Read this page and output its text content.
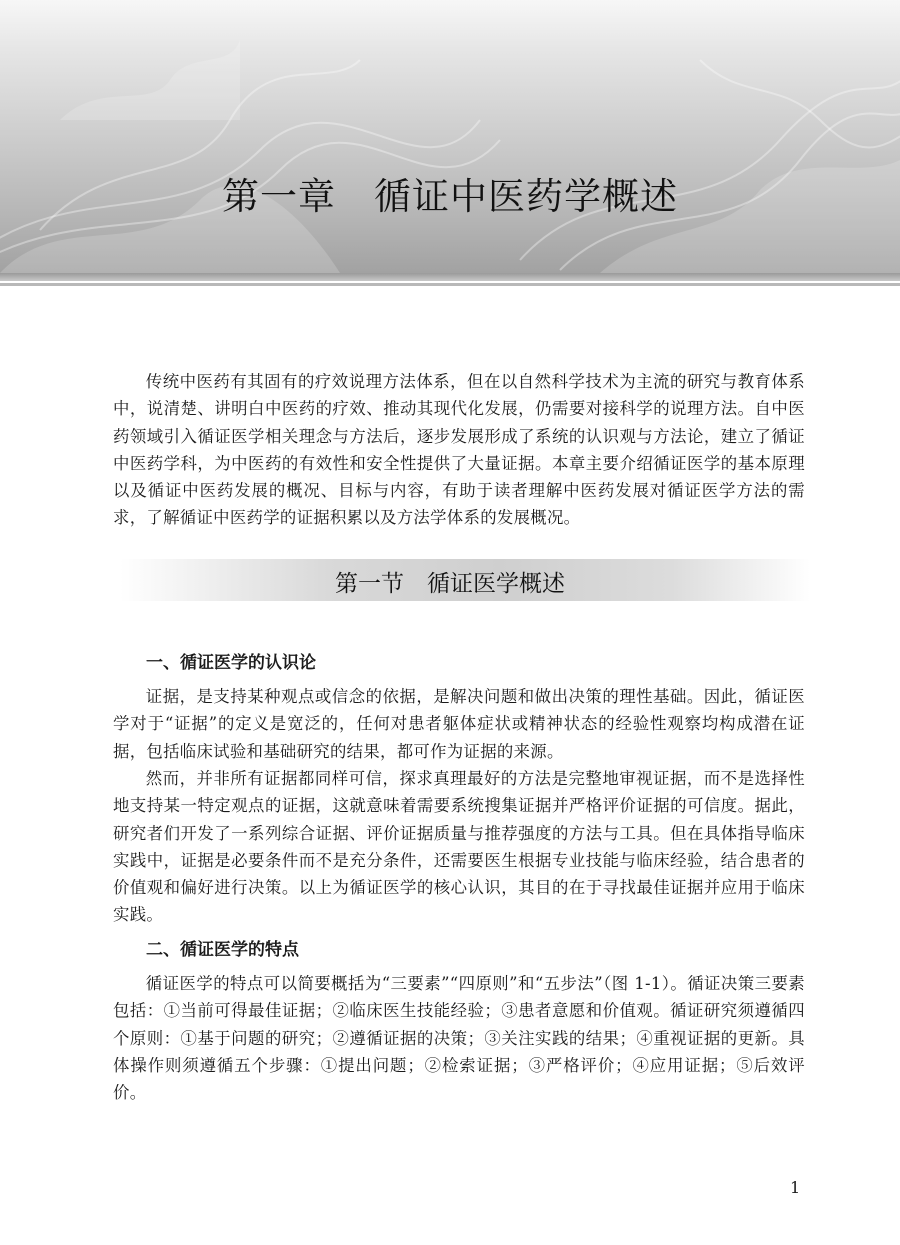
第一章　循证中医药学概述

传统中医药有其固有的疗效说理方法体系，但在以自然科学技术为主流的研究与教育体系中，说清楚、讲明白中医药的疗效、推动其现代化发展，仍需要对接科学的说理方法。自中医药领域引入循证医学相关理念与方法后，逐步发展形成了系统的认识观与方法论，建立了循证中医药学科，为中医药的有效性和安全性提供了大量证据。本章主要介绍循证医学的基本原理以及循证中医药发展的概况、目标与内容，有助于读者理解中医药发展对循证医学方法的需求，了解循证中医药学的证据积累以及方法学体系的发展概况。

第一节　循证医学概述
一、循证医学的认识论

证据，是支持某种观点或信念的依据，是解决问题和做出决策的理性基础。因此，循证医学对于“证据”的定义是宽泛的，任何对患者躯体症状或精神状态的经验性观察均构成潜在证据，包括临床试验和基础研究的结果，都可作为证据的来源。

然而，并非所有证据都同样可信，探求真理最好的方法是完整地审视证据，而不是选择性地支持某一特定观点的证据，这就意味着需要系统搜集证据并严格评价证据的可信度。据此，研究者们开发了一系列综合证据、评价证据质量与推荐强度的方法与工具。但在具体指导临床实践中，证据是必要条件而不是充分条件，还需要医生根据专业技能与临床经验，结合患者的价值观和偏好进行决策。以上为循证医学的核心认识，其目的在于寻找最佳证据并应用于临床实践。

二、循证医学的特点

循证医学的特点可以简要概括为“三要素”“四原则”和“五步法”（图 1-1）。循证决策三要素包括：①当前可得最佳证据；②临床医生技能经验；③患者意愿和价值观。循证研究须遵循四个原则：①基于问题的研究；②遵循证据的决策；③关注实践的结果；④重视证据的更新。具体操作则须遵循五个步骤：①提出问题；②检索证据；③严格评价；④应用证据；⑤后效评价。

1
